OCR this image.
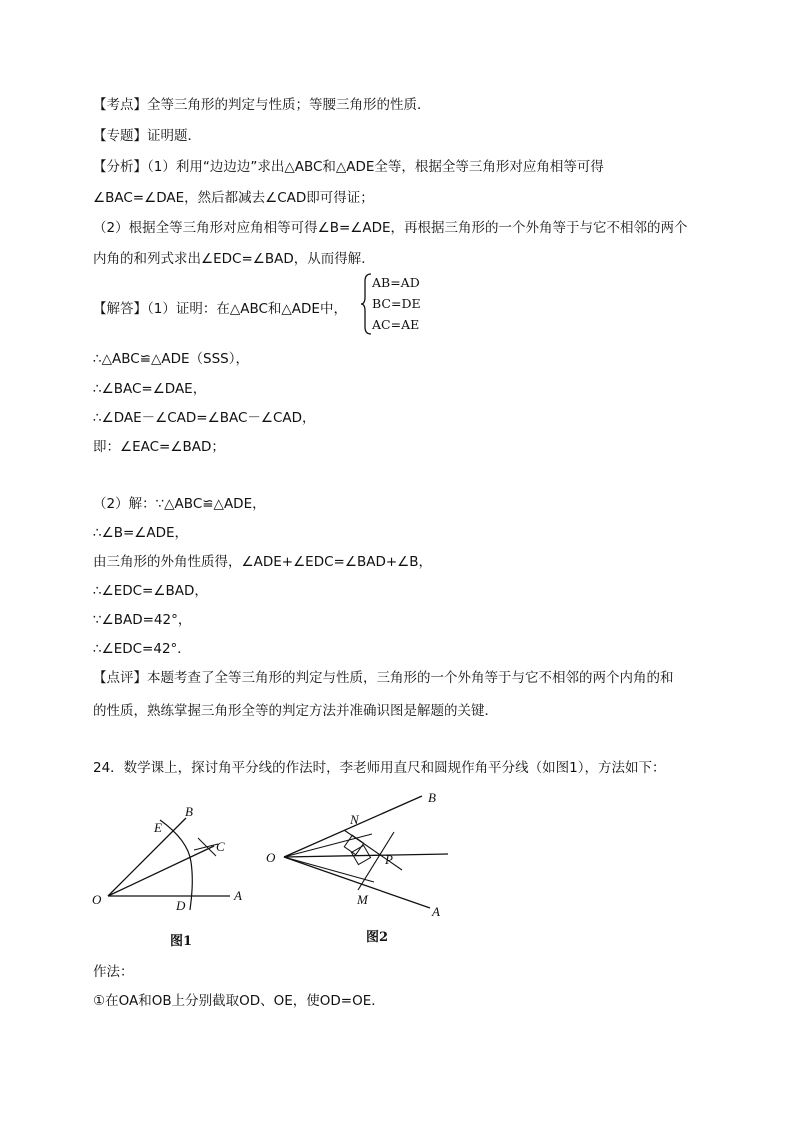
【考点】全等三角形的判定与性质；等腰三角形的性质．
【专题】证明题．
【分析】（1）利用“边边边”求出△ABC和△ADE全等，根据全等三角形对应角相等可得
∠BAC=∠DAE，然后都减去∠CAD即可得证；
（2）根据全等三角形对应角相等可得∠B=∠ADE，再根据三角形的一个外角等于与它不相邻的两个
内角的和列式求出∠EDC=∠BAD，从而得解．
【解答】（1）证明：在△ABC和△ADE中，
AB=AD
BC=DE
AC=AE
∴△ABC≌△ADE（SSS），
∴∠BAC=∠DAE，
∴∠DAE－∠CAD=∠BAC－∠CAD，
即：∠EAC=∠BAD；
（2）解：∵△ABC≌△ADE，
∴∠B=∠ADE，
由三角形的外角性质得，∠ADE+∠EDC=∠BAD+∠B，
∴∠EDC=∠BAD，
∵∠BAD=42°，
∴∠EDC=42°．
【点评】本题考查了全等三角形的判定与性质，三角形的一个外角等于与它不相邻的两个内角的和
的性质，熟练掌握三角形全等的判定方法并准确识图是解题的关键．
24．数学课上，探讨角平分线的作法时，李老师用直尺和圆规作角平分线（如图1），方法如下：
O	A
B
C
D
E
图1
O
B
A
N
M
P
图2
作法：
①在OA和OB上分别截取OD、OE，使OD=OE．
